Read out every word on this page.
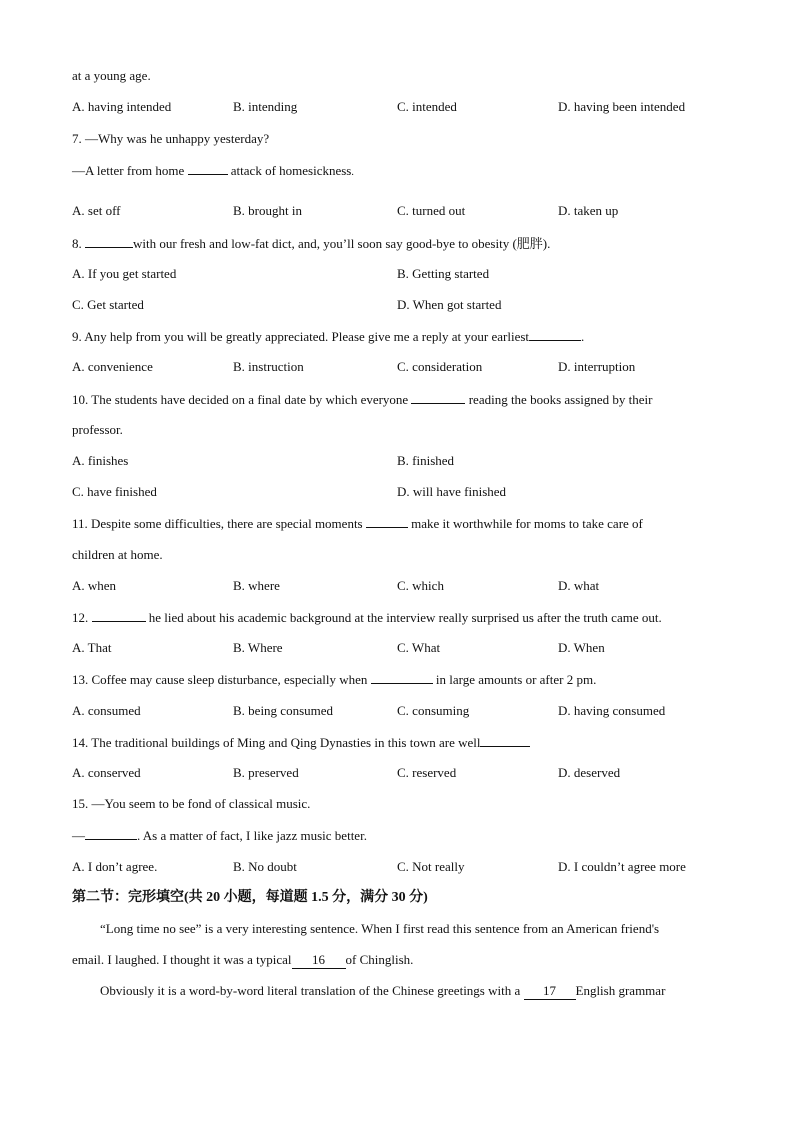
at a young age.
A. having intended	B. intending	C. intended	D. having been intended
7. —Why was he unhappy yesterday?
—A letter from home	attack of homesickness.
A. set off	B. brought in	C. turned out	D. taken up
8.	with our fresh and low-fat dict, and, you’ll soon say good-bye to obesity (肥胖).
A. If you get started	B. Getting started
C. Get started	D. When got started
9. Any help from you will be greatly appreciated. Please give me a reply at your earliest	.
A. convenience	B. instruction	C. consideration	D. interruption
10. The students have decided on a final date by which everyone	reading the books assigned by their
professor.
A. finishes	B. finished
C. have finished	D. will have finished
11. Despite some difficulties, there are special moments	make it worthwhile for moms to take care of
children at home.
A. when	B. where	C. which	D. what
12.	he lied about his academic background at the interview really surprised us after the truth came out.
A. That	B. Where	C. What	D. When
13. Coffee may cause sleep disturbance, especially when	in large amounts or after 2 pm.
A. consumed	B. being consumed	C. consuming	D. having consumed
14. The traditional buildings of Ming and Qing Dynasties in this town are well
A. conserved	B. preserved	C. reserved	D. deserved
15. —You seem to be fond of classical music.
—	. As a matter of fact, I like jazz music better.
A. I don’t agree.	B. No doubt	C. Not really	D. I couldn’t agree more
第二节：完形填空(共 20 小题，每道题 1.5 分，满分 30 分)
“Long time no see” is a very interesting sentence. When I first read this sentence from an American friend's
email. I laughed. I thought it was a typical 16 of Chinglish.
Obviously it is a word-by-word literal translation of the Chinese greetings with a 17 English grammar
